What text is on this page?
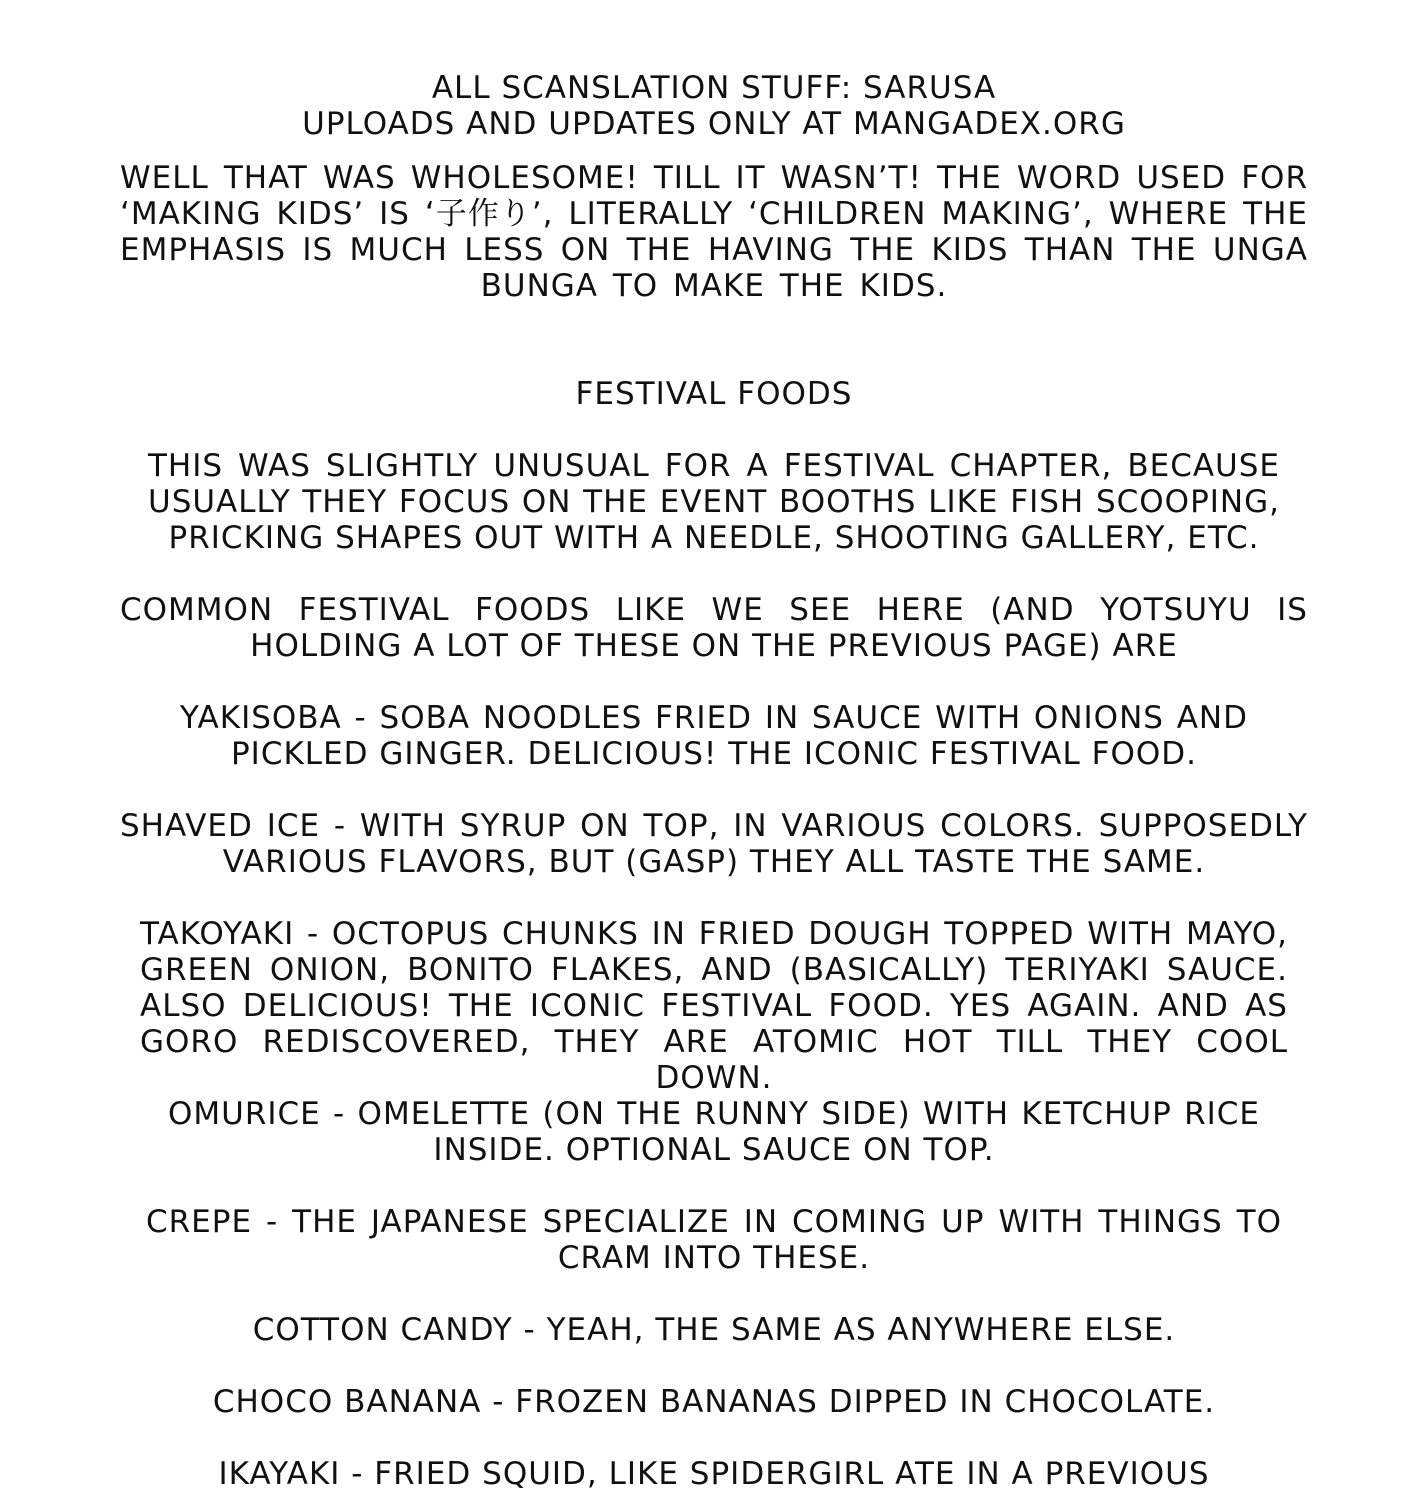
ALL SCANSLATION STUFF: SARUSA
UPLOADS AND UPDATES ONLY AT MANGADEX.ORG
WELL THAT WAS WHOLESOME! TILL IT WASN’T! THE WORD USED FOR ‘MAKING KIDS’ IS ‘子作り’, LITERALLY ‘CHILDREN MAKING’, WHERE THE EMPHASIS IS MUCH LESS ON THE HAVING THE KIDS THAN THE UNGA BUNGA TO MAKE THE KIDS.
FESTIVAL FOODS
THIS WAS SLIGHTLY UNUSUAL FOR A FESTIVAL CHAPTER, BECAUSE USUALLY THEY FOCUS ON THE EVENT BOOTHS LIKE FISH SCOOPING, PRICKING SHAPES OUT WITH A NEEDLE, SHOOTING GALLERY, ETC.
COMMON FESTIVAL FOODS LIKE WE SEE HERE (AND YOTSUYU IS HOLDING A LOT OF THESE ON THE PREVIOUS PAGE) ARE
YAKISOBA - SOBA NOODLES FRIED IN SAUCE WITH ONIONS AND PICKLED GINGER. DELICIOUS! THE ICONIC FESTIVAL FOOD.
SHAVED ICE - WITH SYRUP ON TOP, IN VARIOUS COLORS. SUPPOSEDLY VARIOUS FLAVORS, BUT (GASP) THEY ALL TASTE THE SAME.
TAKOYAKI - OCTOPUS CHUNKS IN FRIED DOUGH TOPPED WITH MAYO, GREEN ONION, BONITO FLAKES, AND (BASICALLY) TERIYAKI SAUCE. ALSO DELICIOUS! THE ICONIC FESTIVAL FOOD. YES AGAIN. AND AS GORO REDISCOVERED, THEY ARE ATOMIC HOT TILL THEY COOL DOWN.
OMURICE - OMELETTE (ON THE RUNNY SIDE) WITH KETCHUP RICE INSIDE. OPTIONAL SAUCE ON TOP.
CREPE - THE JAPANESE SPECIALIZE IN COMING UP WITH THINGS TO CRAM INTO THESE.
COTTON CANDY - YEAH, THE SAME AS ANYWHERE ELSE.
CHOCO BANANA - FROZEN BANANAS DIPPED IN CHOCOLATE.
IKAYAKI - FRIED SQUID, LIKE SPIDERGIRL ATE IN A PREVIOUS
